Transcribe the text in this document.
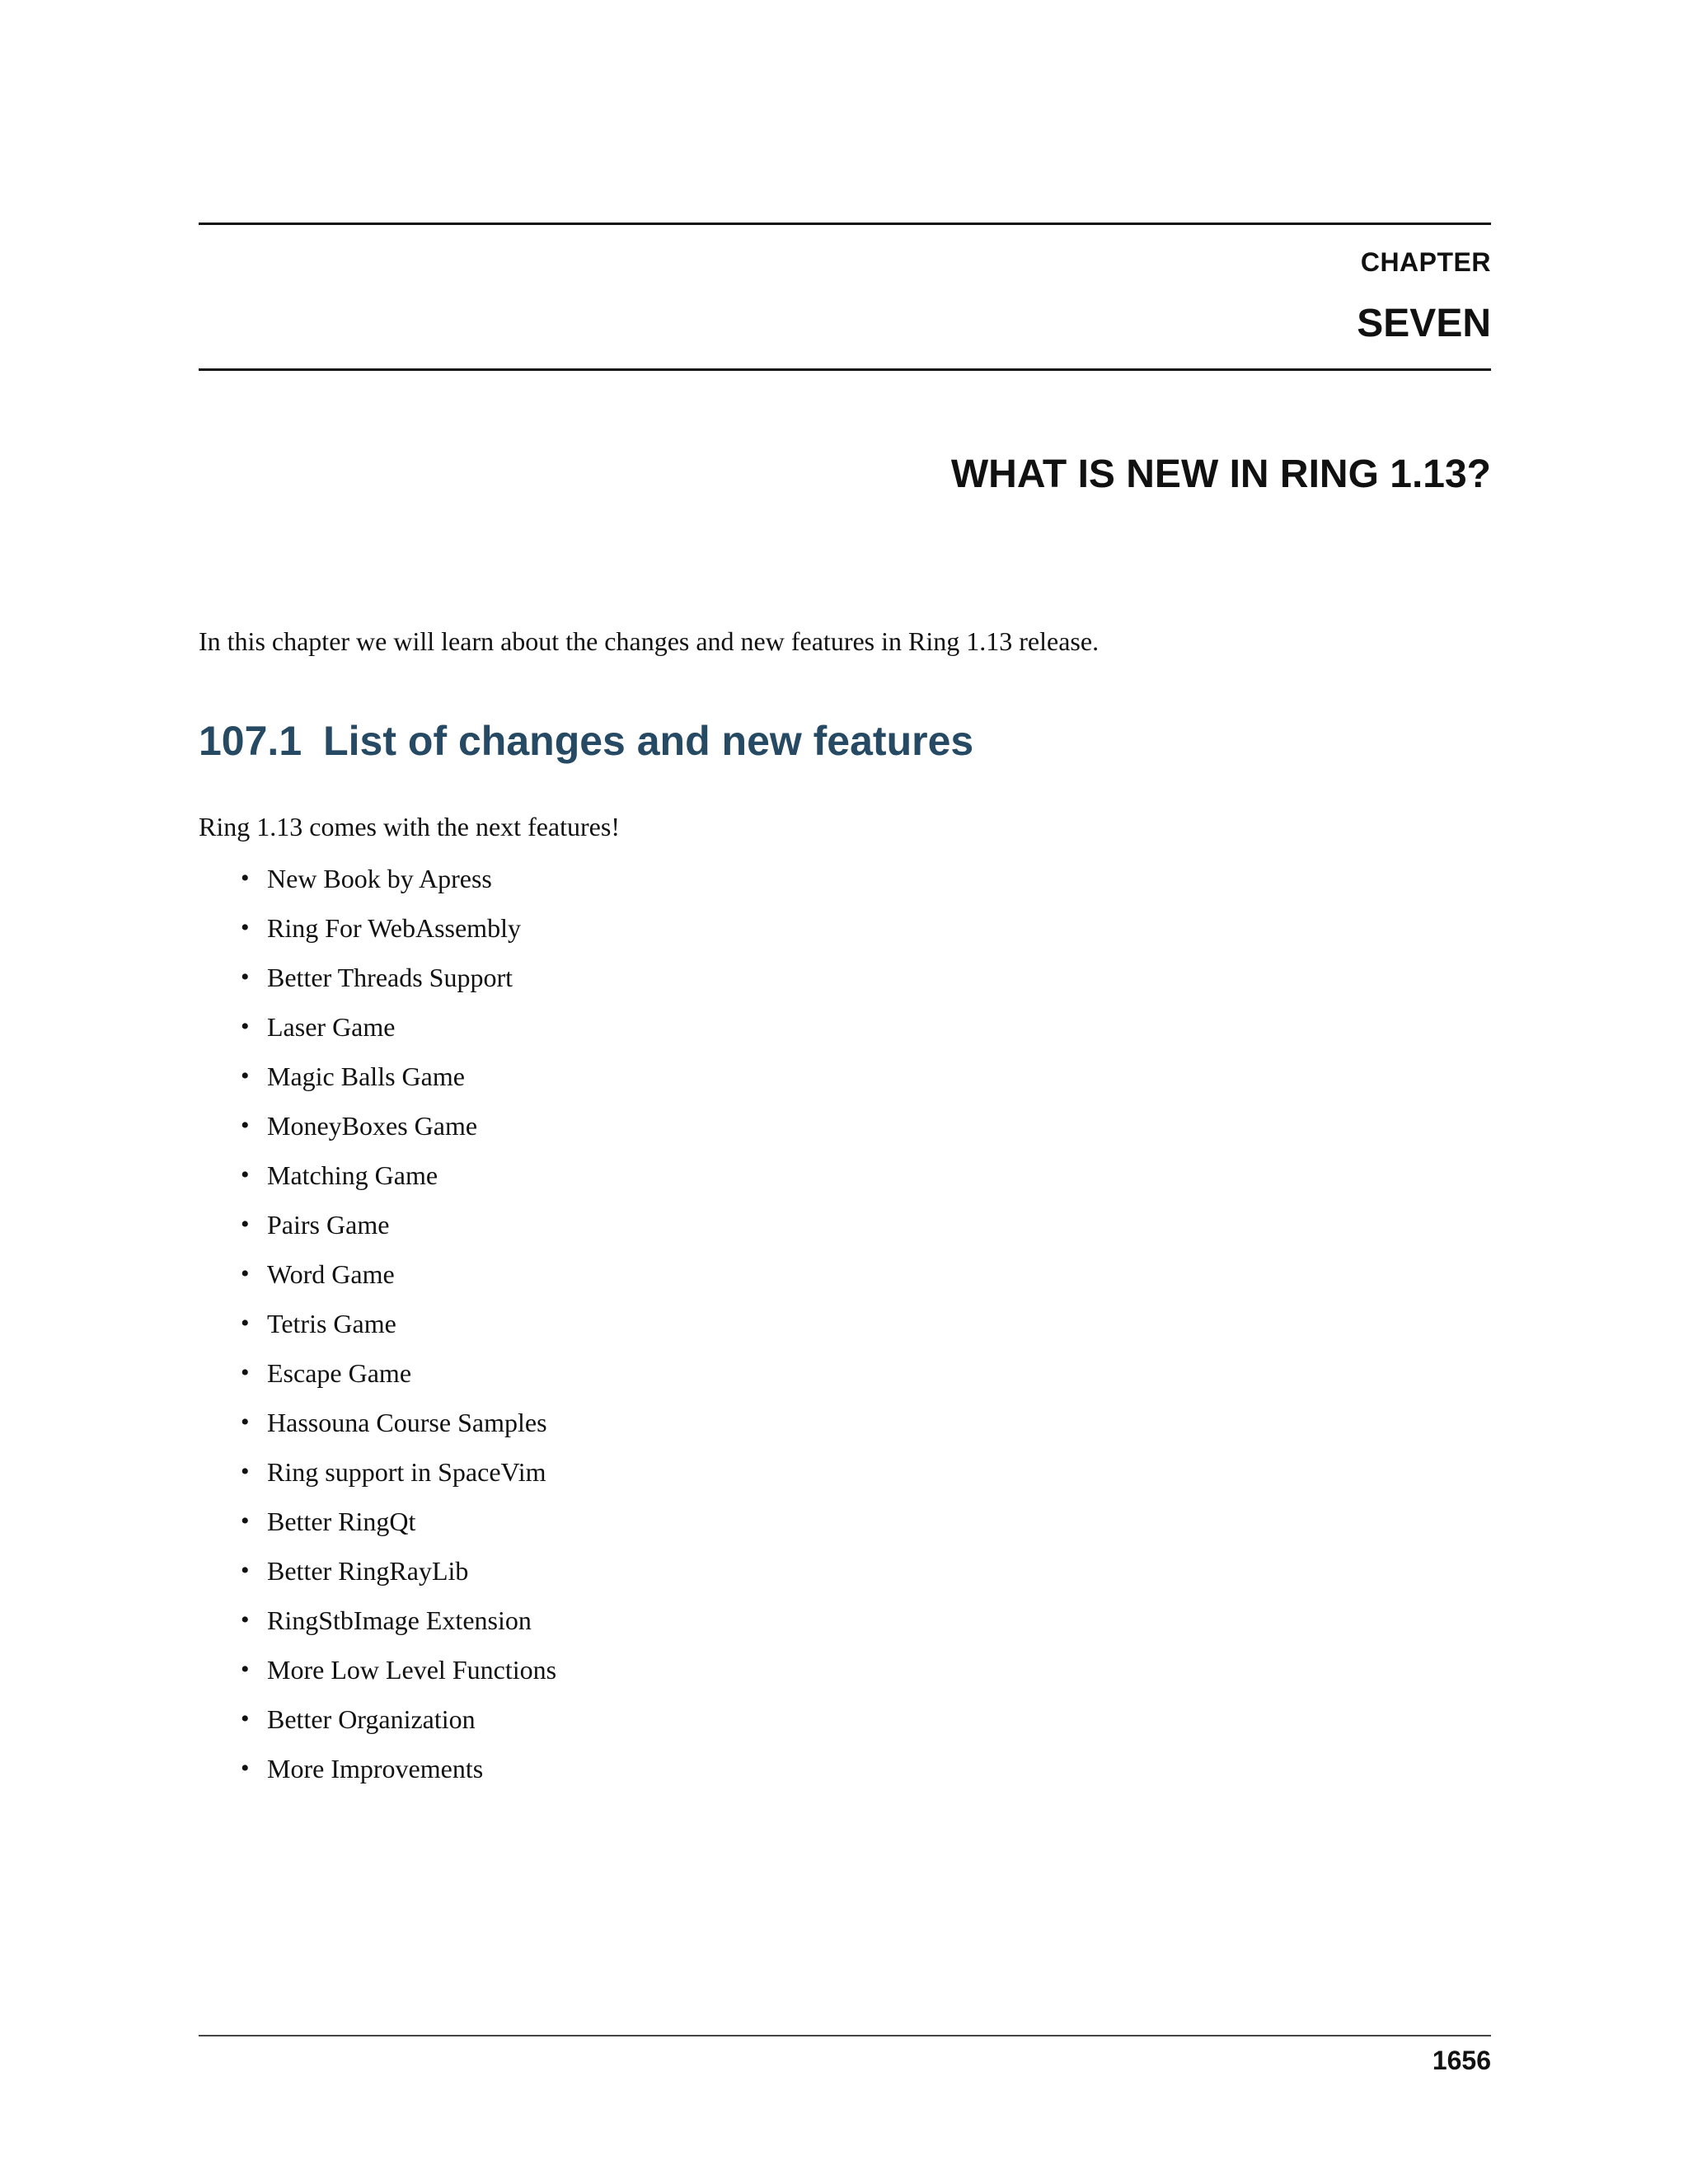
CHAPTER
SEVEN
WHAT IS NEW IN RING 1.13?

In this chapter we will learn about the changes and new features in Ring 1.13 release.

107.1 List of changes and new features

Ring 1.13 comes with the next features!

• New Book by Apress
• Ring For WebAssembly
• Better Threads Support
• Laser Game
• Magic Balls Game
• MoneyBoxes Game
• Matching Game
• Pairs Game
• Word Game
• Tetris Game
• Escape Game
• Hassouna Course Samples
• Ring support in SpaceVim
• Better RingQt
• Better RingRayLib
• RingStbImage Extension
• More Low Level Functions
• Better Organization
• More Improvements
1656
